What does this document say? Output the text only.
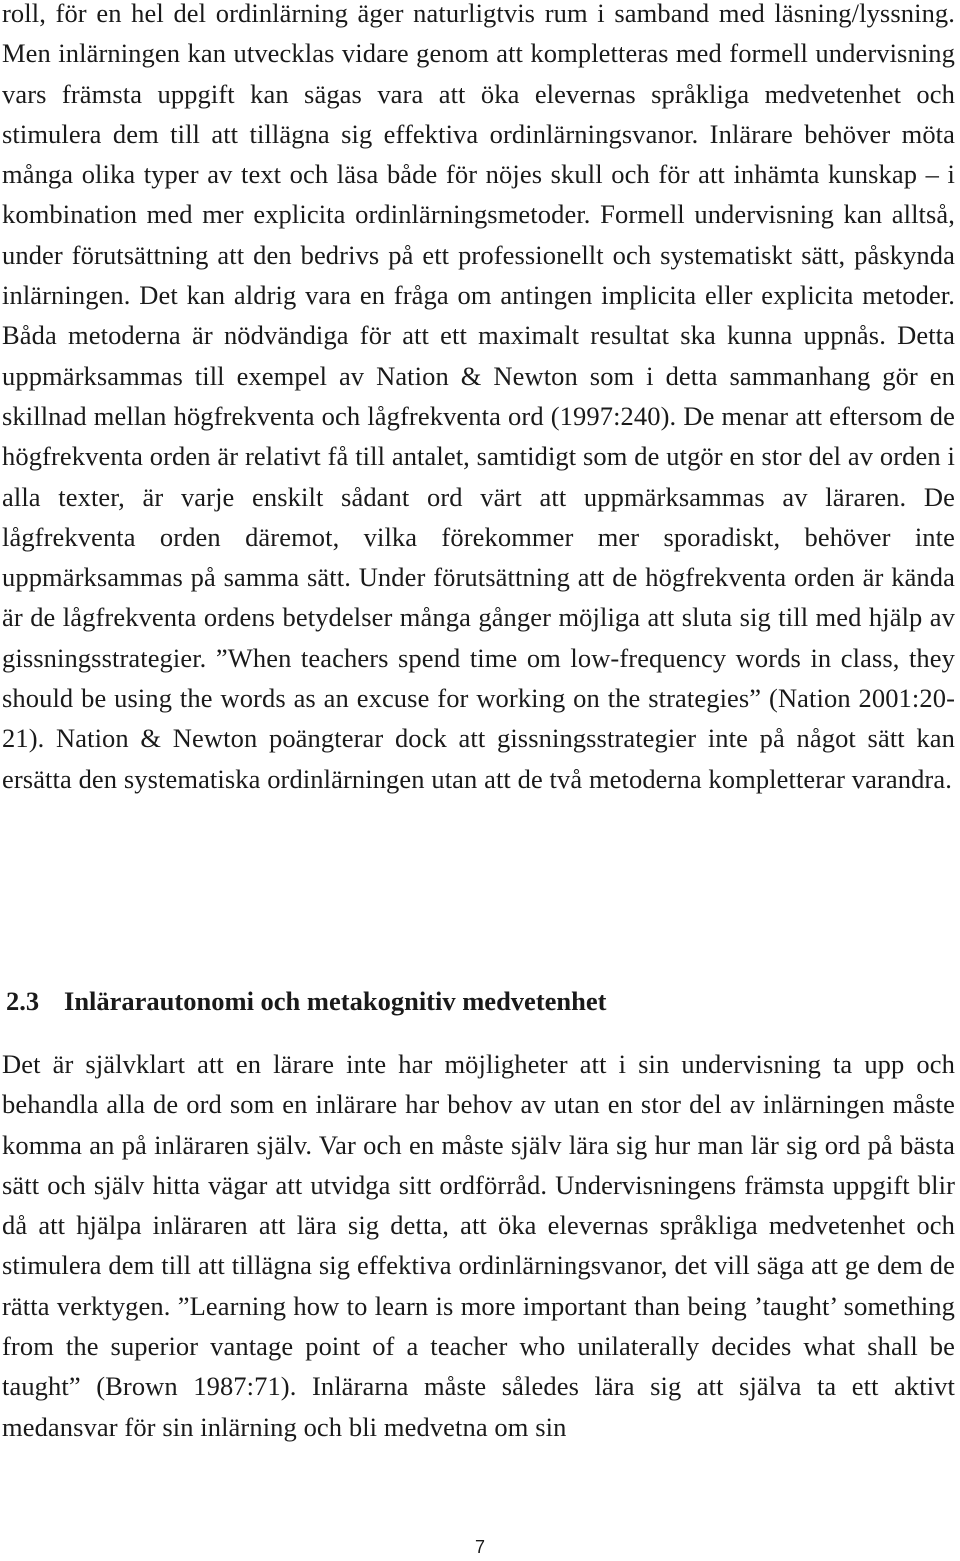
roll, för en hel del ordinlärning äger naturligtvis rum i samband med läsning/lyssning. Men inlärningen kan utvecklas vidare genom att kompletteras med formell undervisning vars främsta uppgift kan sägas vara att öka elevernas språkliga medvetenhet och stimulera dem till att tillägna sig effektiva ordinlärningsvanor. Inlärare behöver möta många olika typer av text och läsa både för nöjes skull och för att inhämta kunskap – i kombination med mer explicita ordinlärningsmetoder. Formell undervisning kan alltså, under förutsättning att den bedrivs på ett professionellt och systematiskt sätt, påskynda inlärningen. Det kan aldrig vara en fråga om antingen implicita eller explicita metoder. Båda metoderna är nödvändiga för att ett maximalt resultat ska kunna uppnås. Detta uppmärksammas till exempel av Nation & Newton som i detta sammanhang gör en skillnad mellan högfrekventa och lågfrekventa ord (1997:240). De menar att eftersom de högfrekventa orden är relativt få till antalet, samtidigt som de utgör en stor del av orden i alla texter, är varje enskilt sådant ord värt att uppmärksammas av läraren. De lågfrekventa orden däremot, vilka förekommer mer sporadiskt, behöver inte uppmärksammas på samma sätt. Under förutsättning att de högfrekventa orden är kända är de lågfrekventa ordens betydelser många gånger möjliga att sluta sig till med hjälp av gissningsstrategier. ”When teachers spend time om low-frequency words in class, they should be using the words as an excuse for working on the strategies” (Nation 2001:20-21). Nation & Newton poängterar dock att gissningsstrategier inte på något sätt kan ersätta den systematiska ordinlärningen utan att de två metoderna kompletterar varandra.

2.3 Inlärarautonomi och metakognitiv medvetenhet

Det är självklart att en lärare inte har möjligheter att i sin undervisning ta upp och behandla alla de ord som en inlärare har behov av utan en stor del av inlärningen måste komma an på inläraren själv. Var och en måste själv lära sig hur man lär sig ord på bästa sätt och själv hitta vägar att utvidga sitt ordförråd. Undervisningens främsta uppgift blir då att hjälpa inläraren att lära sig detta, att öka elevernas språkliga medvetenhet och stimulera dem till att tillägna sig effektiva ordinlärningsvanor, det vill säga att ge dem de rätta verktygen. ”Learning how to learn is more important than being ’taught’ something from the superior vantage point of a teacher who unilaterally decides what shall be taught” (Brown 1987:71). Inlärarna måste således lära sig att själva ta ett aktivt medansvar för sin inlärning och bli medvetna om sin

7
